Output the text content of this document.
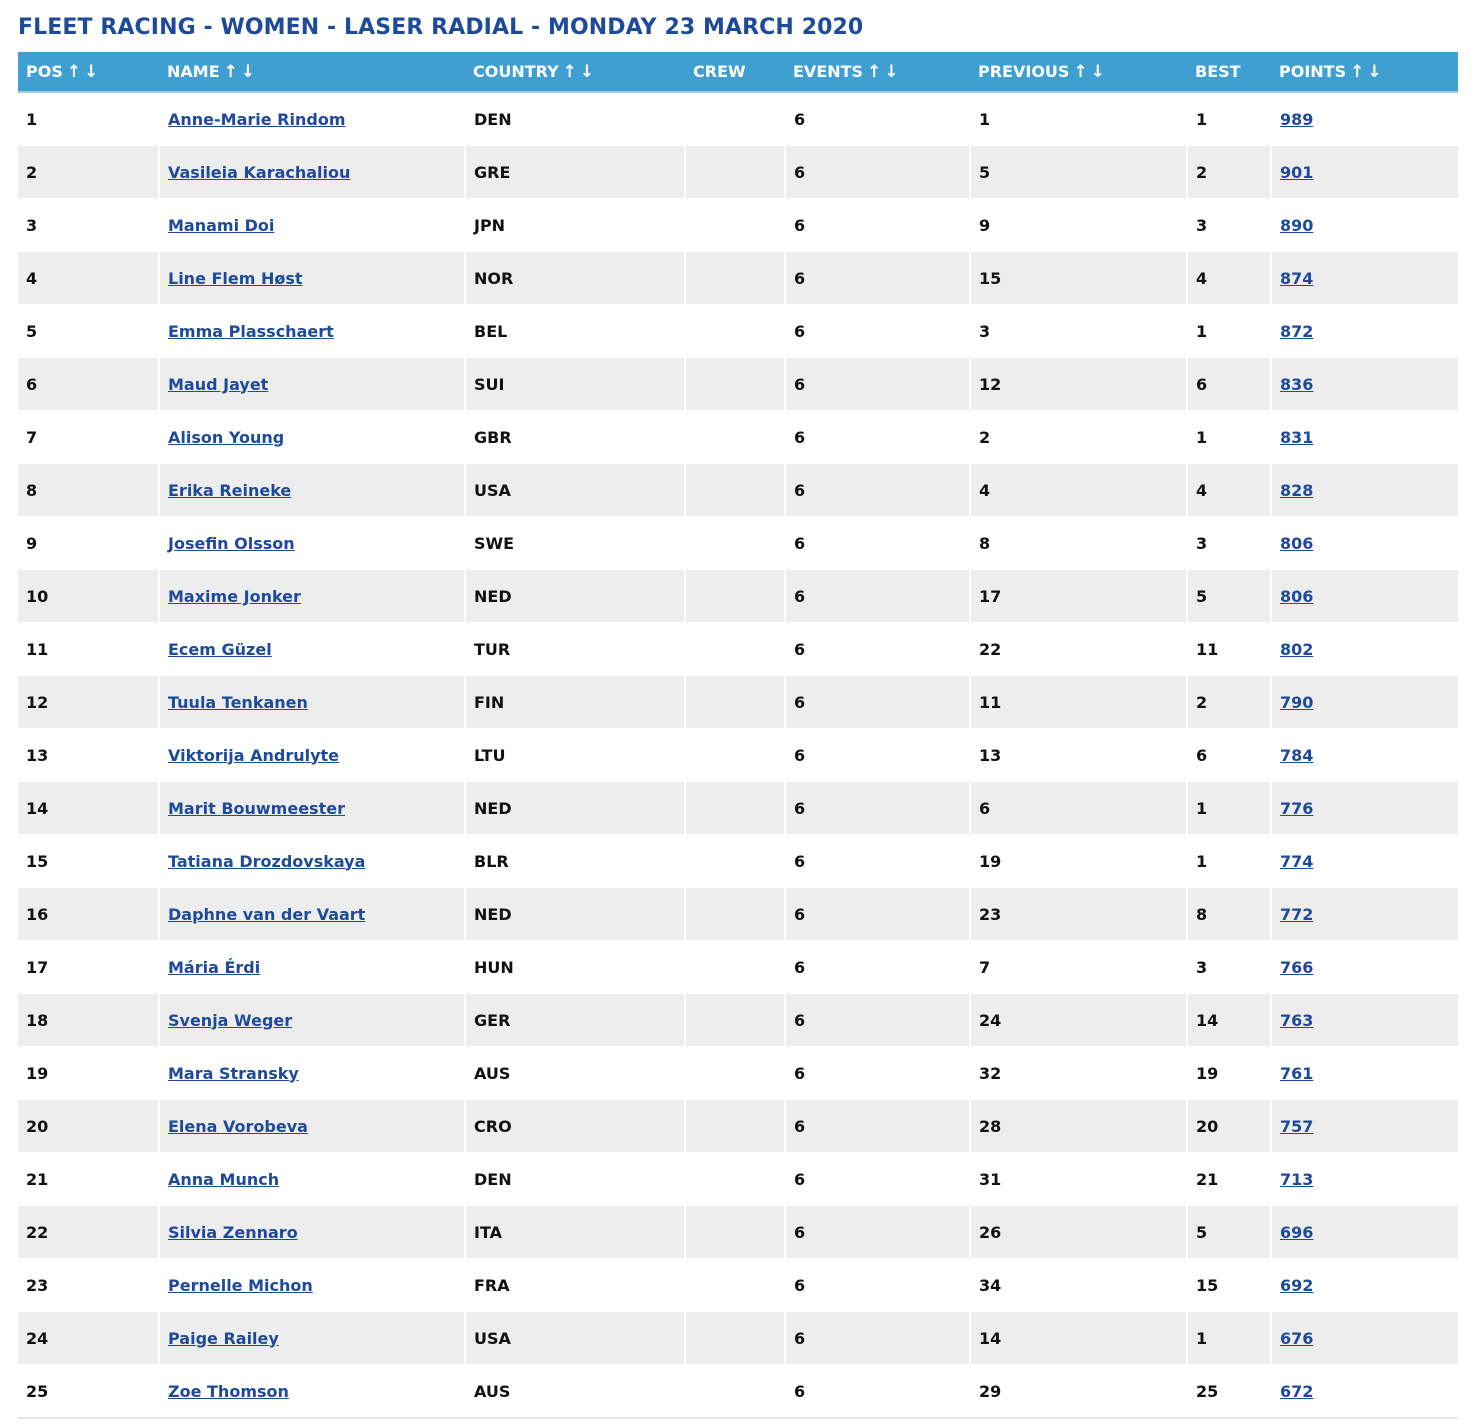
FLEET RACING - WOMEN - LASER RADIAL - MONDAY 23 MARCH 2020
POS ↑↓	NAME ↑↓	COUNTRY ↑↓	CREW	EVENTS ↑↓	PREVIOUS ↑↓	BEST	POINTS ↑↓
1	Anne-Marie Rindom	DEN		6	1	1	989
2	Vasileia Karachaliou	GRE		6	5	2	901
3	Manami Doi	JPN		6	9	3	890
4	Line Flem Høst	NOR		6	15	4	874
5	Emma Plasschaert	BEL		6	3	1	872
6	Maud Jayet	SUI		6	12	6	836
7	Alison Young	GBR		6	2	1	831
8	Erika Reineke	USA		6	4	4	828
9	Josefin Olsson	SWE		6	8	3	806
10	Maxime Jonker	NED		6	17	5	806
11	Ecem Güzel	TUR		6	22	11	802
12	Tuula Tenkanen	FIN		6	11	2	790
13	Viktorija Andrulyte	LTU		6	13	6	784
14	Marit Bouwmeester	NED		6	6	1	776
15	Tatiana Drozdovskaya	BLR		6	19	1	774
16	Daphne van der Vaart	NED		6	23	8	772
17	Mária Érdi	HUN		6	7	3	766
18	Svenja Weger	GER		6	24	14	763
19	Mara Stransky	AUS		6	32	19	761
20	Elena Vorobeva	CRO		6	28	20	757
21	Anna Munch	DEN		6	31	21	713
22	Silvia Zennaro	ITA		6	26	5	696
23	Pernelle Michon	FRA		6	34	15	692
24	Paige Railey	USA		6	14	1	676
25	Zoe Thomson	AUS		6	29	25	672
